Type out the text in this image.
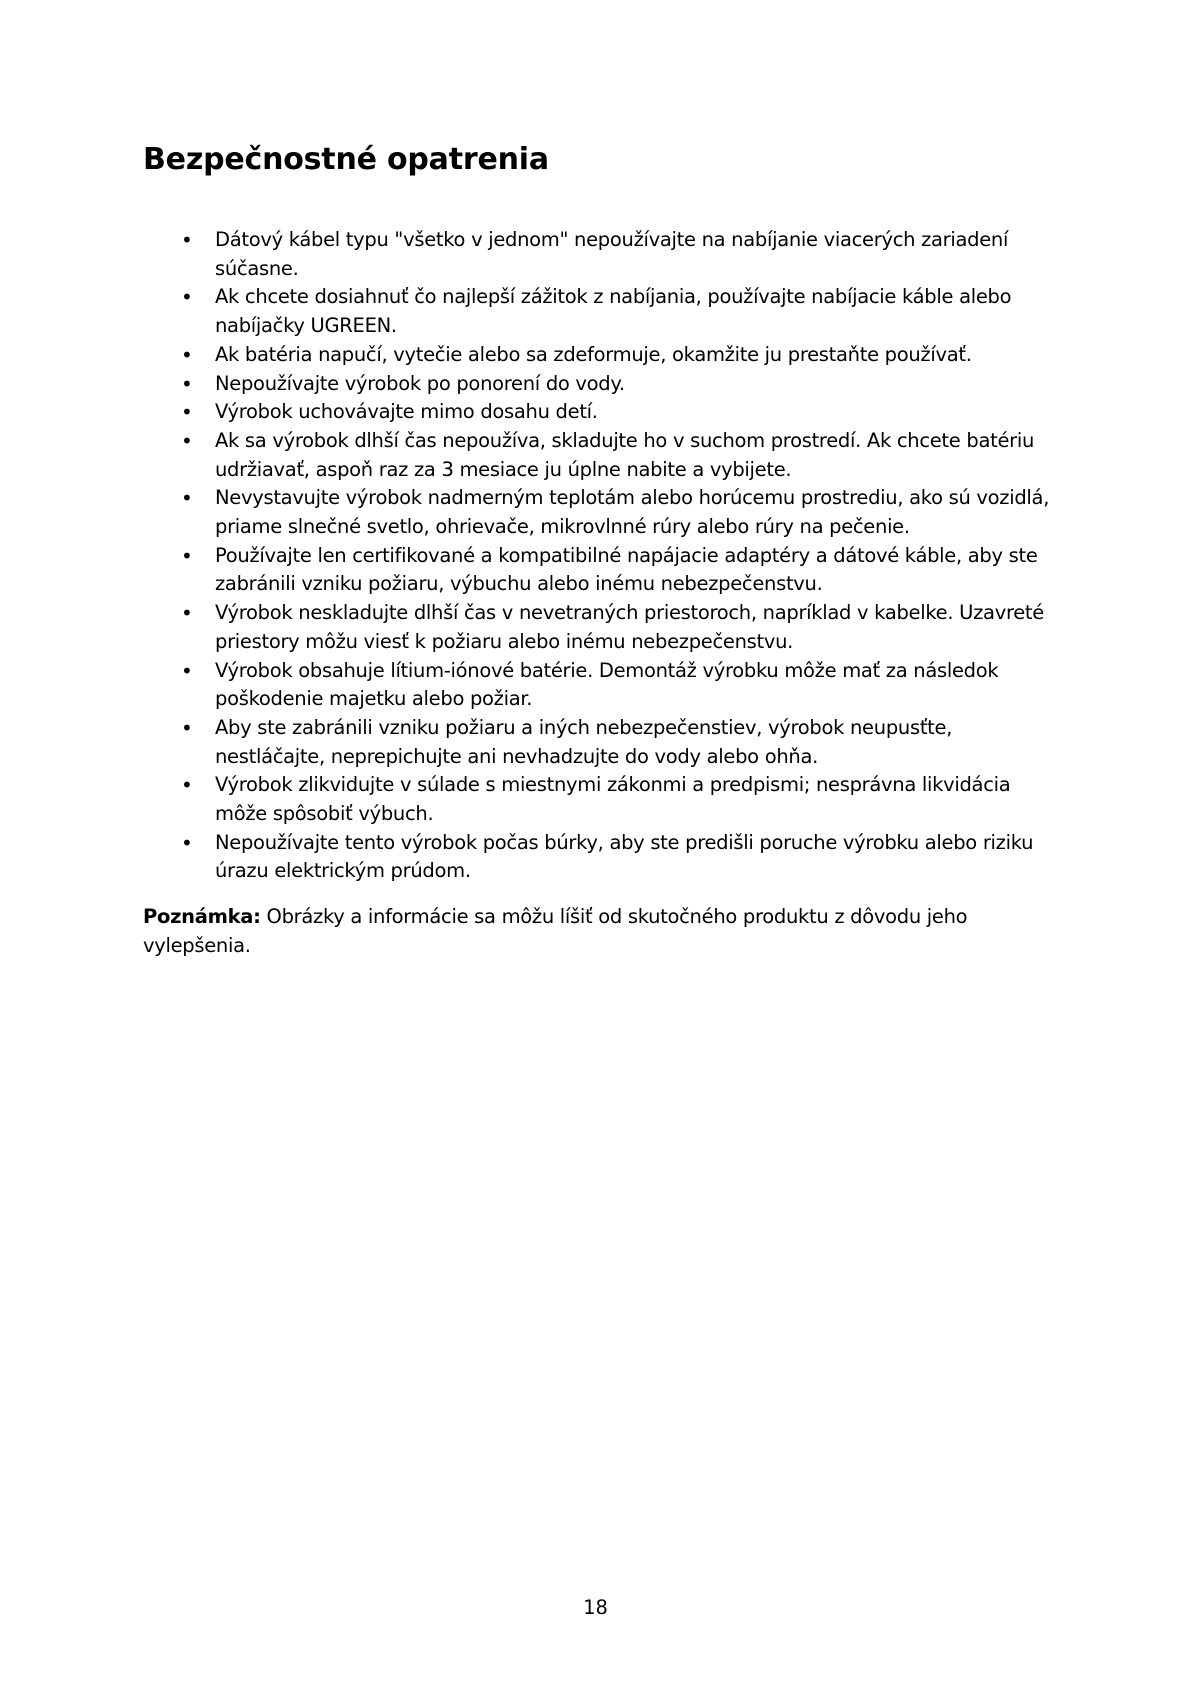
Bezpečnostné opatrenia
• Dátový kábel typu "všetko v jednom" nepoužívajte na nabíjanie viacerých zariadení súčasne.
• Ak chcete dosiahnuť čo najlepší zážitok z nabíjania, používajte nabíjacie káble alebo nabíjačky UGREEN.
• Ak batéria napučí, vytečie alebo sa zdeformuje, okamžite ju prestaňte používať.
• Nepoužívajte výrobok po ponorení do vody.
• Výrobok uchovávajte mimo dosahu detí.
• Ak sa výrobok dlhší čas nepoužíva, skladujte ho v suchom prostredí. Ak chcete batériu udržiavať, aspoň raz za 3 mesiace ju úplne nabite a vybijete.
• Nevystavujte výrobok nadmerným teplotám alebo horúcemu prostrediu, ako sú vozidlá, priame slnečné svetlo, ohrievače, mikrovlnné rúry alebo rúry na pečenie.
• Používajte len certifikované a kompatibilné napájacie adaptéry a dátové káble, aby ste zabránili vzniku požiaru, výbuchu alebo inému nebezpečenstvu.
• Výrobok neskladujte dlhší čas v nevetraných priestoroch, napríklad v kabelke. Uzavreté priestory môžu viesť k požiaru alebo inému nebezpečenstvu.
• Výrobok obsahuje lítium-iónové batérie. Demontáž výrobku môže mať za následok poškodenie majetku alebo požiar.
• Aby ste zabránili vzniku požiaru a iných nebezpečenstiev, výrobok neupusťte, nestláčajte, neprepichujte ani nevhadzujte do vody alebo ohňa.
• Výrobok zlikvidujte v súlade s miestnymi zákonmi a predpismi; nesprávna likvidácia môže spôsobiť výbuch.
• Nepoužívajte tento výrobok počas búrky, aby ste predišli poruche výrobku alebo riziku úrazu elektrickým prúdom.

Poznámka: Obrázky a informácie sa môžu líšiť od skutočného produktu z dôvodu jeho vylepšenia.

18
